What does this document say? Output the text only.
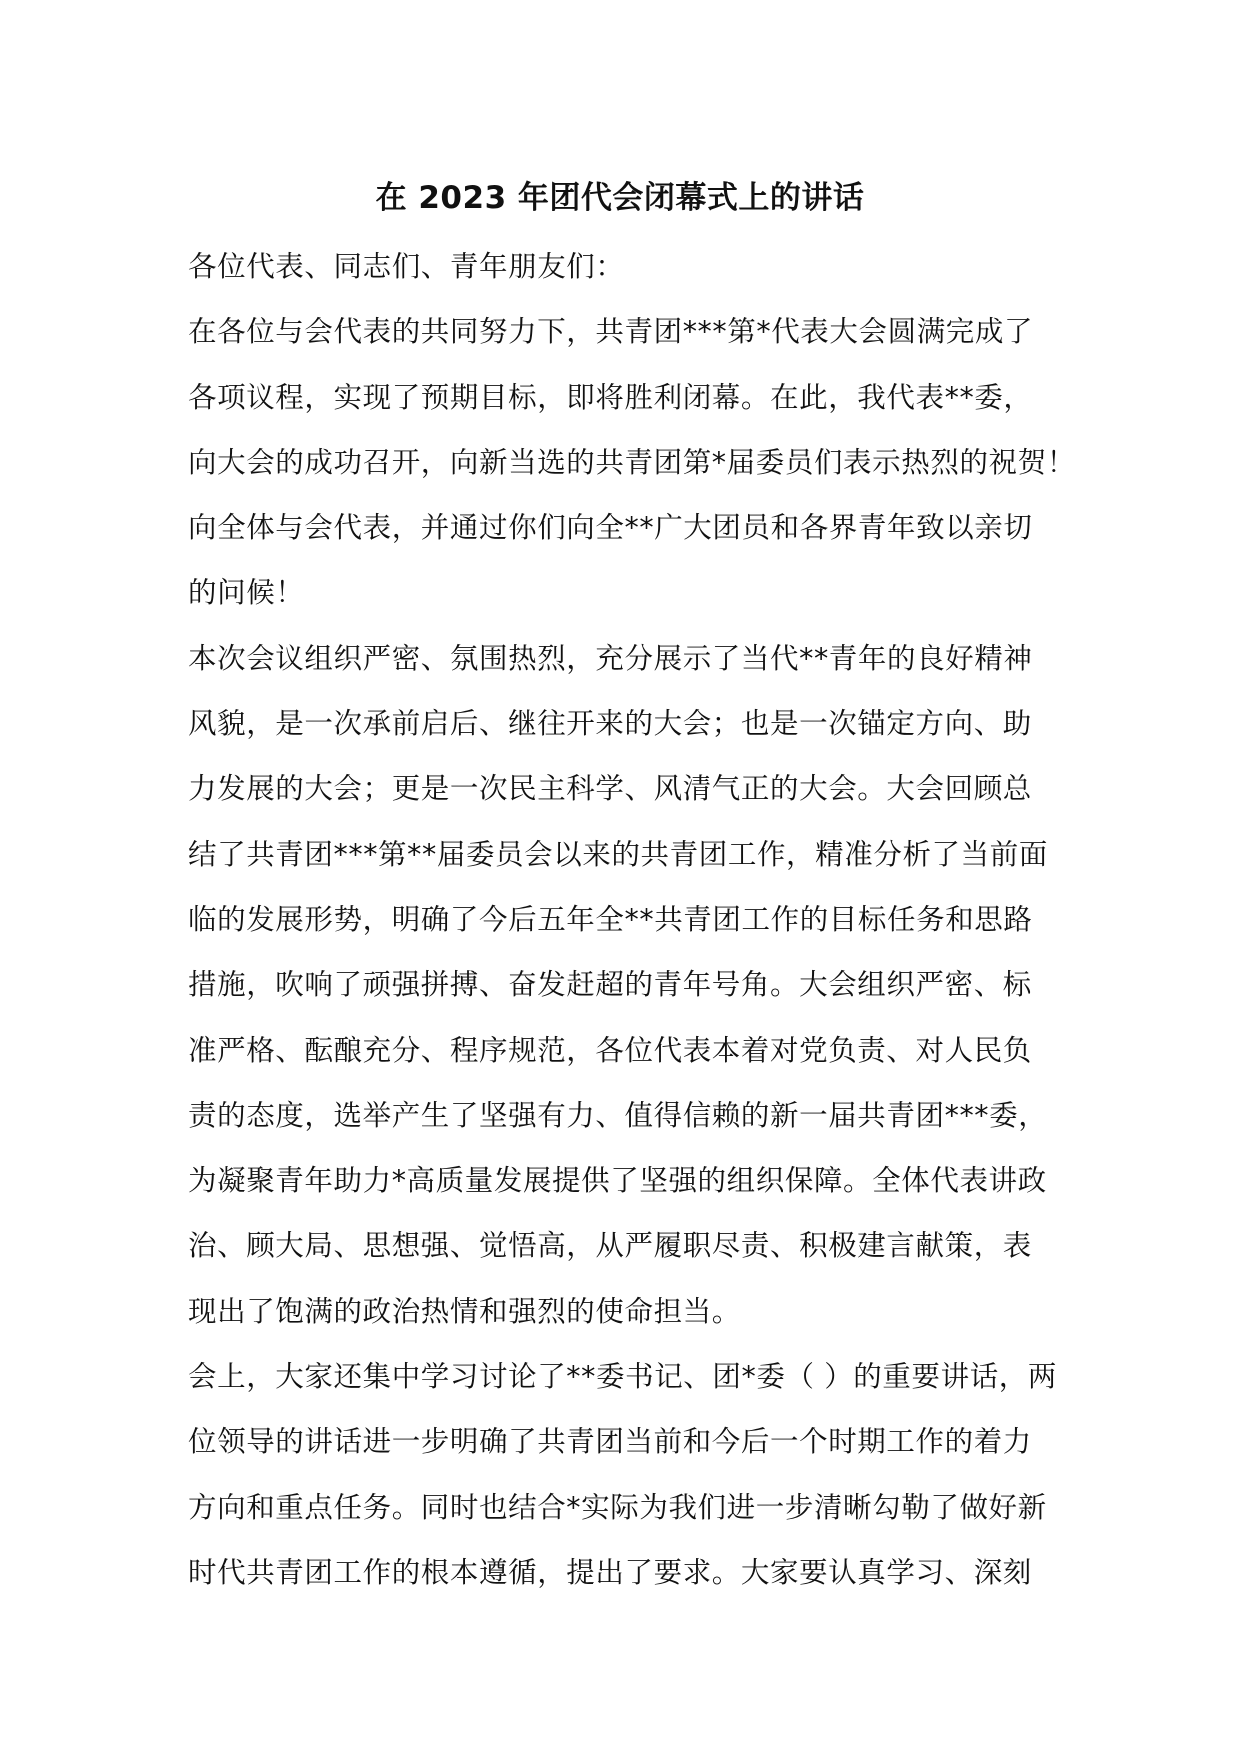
在 2023 年团代会闭幕式上的讲话
各位代表、同志们、青年朋友们：
在各位与会代表的共同努力下，共青团***第*代表大会圆满完成了
各项议程，实现了预期目标，即将胜利闭幕。在此，我代表**委，
向大会的成功召开，向新当选的共青团第*届委员们表示热烈的祝贺！
向全体与会代表，并通过你们向全**广大团员和各界青年致以亲切
的问候！
本次会议组织严密、氛围热烈，充分展示了当代**青年的良好精神
风貌，是一次承前启后、继往开来的大会；也是一次锚定方向、助
力发展的大会；更是一次民主科学、风清气正的大会。大会回顾总
结了共青团***第**届委员会以来的共青团工作，精准分析了当前面
临的发展形势，明确了今后五年全**共青团工作的目标任务和思路
措施，吹响了顽强拼搏、奋发赶超的青年号角。大会组织严密、标
准严格、酝酿充分、程序规范，各位代表本着对党负责、对人民负
责的态度，选举产生了坚强有力、值得信赖的新一届共青团***委，
为凝聚青年助力*高质量发展提供了坚强的组织保障。全体代表讲政
治、顾大局、思想强、觉悟高，从严履职尽责、积极建言献策，表
现出了饱满的政治热情和强烈的使命担当。
会上，大家还集中学习讨论了**委书记、团*委（ ）的重要讲话，两
位领导的讲话进一步明确了共青团当前和今后一个时期工作的着力
方向和重点任务。同时也结合*实际为我们进一步清晰勾勒了做好新
时代共青团工作的根本遵循，提出了要求。大家要认真学习、深刻
